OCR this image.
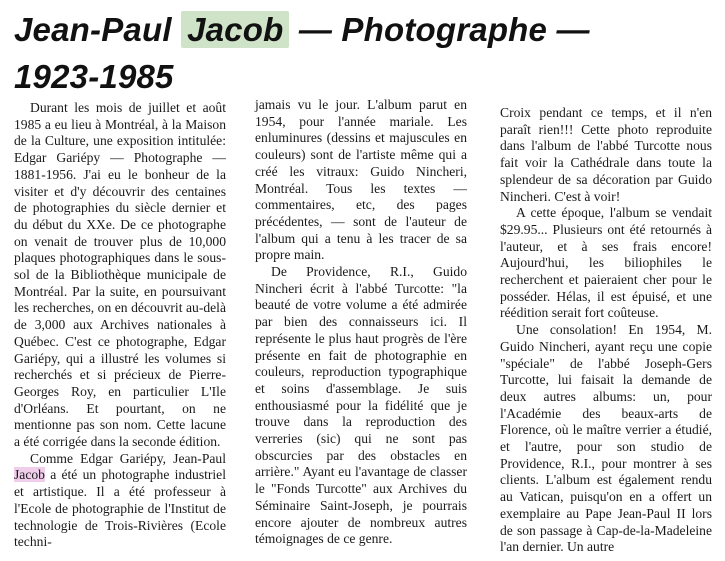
Jean-Paul Jacob — Photographe —
1923-1985

Durant les mois de juillet et août 1985 a eu lieu à Montréal, à la Maison de la Culture, une exposition intitulée: Edgar Gariépy — Photographe — 1881-1956. J'ai eu le bonheur de la visiter et d'y découvrir des centaines de photographies du siècle dernier et du début du XXe. De ce photographe on venait de trouver plus de 10,000 plaques photographiques dans le sous-sol de la Bibliothèque municipale de Montréal. Par la suite, en poursuivant les recherches, on en découvrit au-delà de 3,000 aux Archives nationales à Québec. C'est ce photographe, Edgar Gariépy, qui a illustré les volumes si recherchés et si précieux de Pierre-Georges Roy, en particulier L'Ile d'Orléans. Et pourtant, on ne mentionne pas son nom. Cette lacune a été corrigée dans la seconde édition.

Comme Edgar Gariépy, Jean-Paul Jacob a été un photographe industriel et artistique. Il a été professeur à l'Ecole de photographie de l'Institut de technologie de Trois-Rivières (Ecole techni-

jamais vu le jour. L'album parut en 1954, pour l'année mariale. Les enluminures (dessins et majuscules en couleurs) sont de l'artiste même qui a créé les vitraux: Guido Nincheri, Montréal. Tous les textes — commentaires, etc, des pages précédentes, — sont de l'auteur de l'album qui a tenu à les tracer de sa propre main.

De Providence, R.I., Guido Nincheri écrit à l'abbé Turcotte: "la beauté de votre volume a été admirée par bien des connaisseurs ici. Il représente le plus haut progrès de l'ère présente en fait de photographie en couleurs, reproduction typographique et soins d'assemblage. Je suis enthousiasmé pour la fidélité que je trouve dans la reproduction des verreries (sic) qui ne sont pas obscurcies par des obstacles en arrière." Ayant eu l'avantage de classer le "Fonds Turcotte" aux Archives du Séminaire Saint-Joseph, je pourrais encore ajouter de nombreux autres témoignages de ce genre.

Croix pendant ce temps, et il n'en paraît rien!!! Cette photo reproduite dans l'album de l'abbé Turcotte nous fait voir la Cathédrale dans toute la splendeur de sa décoration par Guido Nincheri. C'est à voir!

A cette époque, l'album se vendait $29.95... Plusieurs ont été retournés à l'auteur, et à ses frais encore! Aujourd'hui, les biliophiles le recherchent et paieraient cher pour le posséder. Hélas, il est épuisé, et une réédition serait fort coûteuse.

Une consolation! En 1954, M. Guido Nincheri, ayant reçu une copie "spéciale" de l'abbé Joseph-Gers Turcotte, lui faisait la demande de deux autres albums: un, pour l'Académie des beaux-arts de Florence, où le maître verrier a étudié, et l'autre, pour son studio de Providence, R.I., pour montrer à ses clients. L'album est également rendu au Vatican, puisqu'on en a offert un exemplaire au Pape Jean-Paul II lors de son passage à Cap-de-la-Madeleine l'an dernier. Un autre
